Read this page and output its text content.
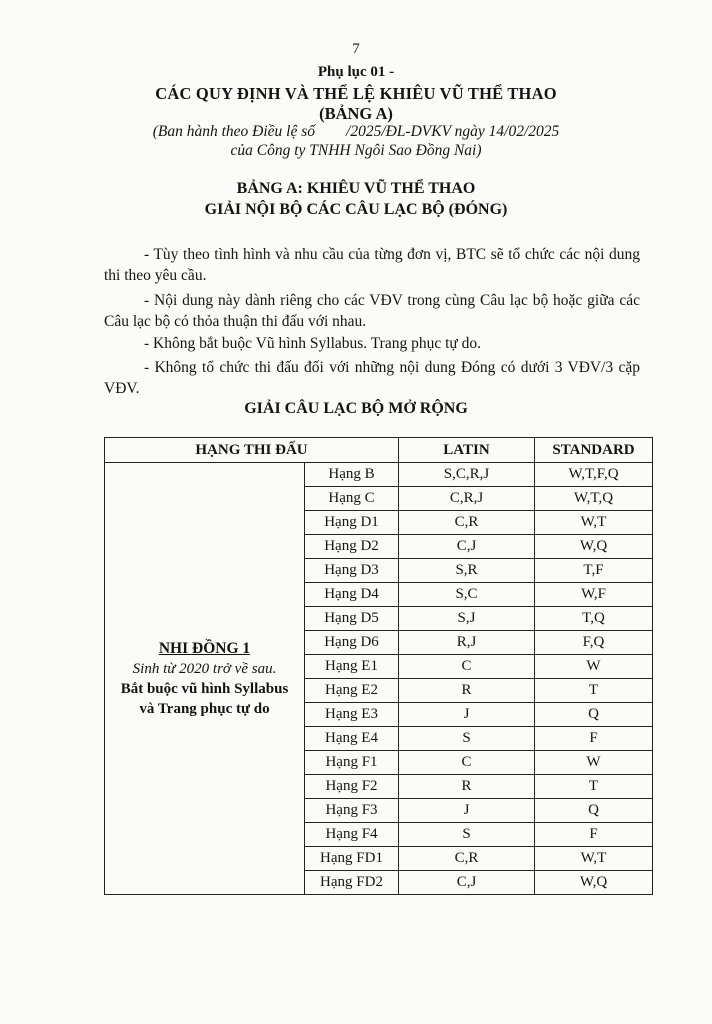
7
Phụ lục 01 -
CÁC QUY ĐỊNH VÀ THỂ LỆ KHIÊU VŨ THỂ THAO
(BẢNG A)
(Ban hành theo Điều lệ số        /2025/ĐL-DVKV ngày 14/02/2025
của Công ty TNHH Ngôi Sao Đồng Nai)
BẢNG A: KHIÊU VŨ THỂ THAO
GIẢI NỘI BỘ CÁC CÂU LẠC BỘ (ĐÓNG)

- Tùy theo tình hình và nhu cầu của từng đơn vị, BTC sẽ tổ chức các nội dung thi theo yêu cầu.

- Nội dung này dành riêng cho các VĐV trong cùng Câu lạc bộ hoặc giữa các Câu lạc bộ có thỏa thuận thi đấu với nhau.

- Không bắt buộc Vũ hình Syllabus. Trang phục tự do.

- Không tổ chức thi đấu đối với những nội dung Đóng có dưới 3 VĐV/3 cặp VĐV.

GIẢI CÂU LẠC BỘ MỞ RỘNG
HẠNG THI ĐẤU		LATIN	STANDARD

NHI ĐỒNG 1
Sinh từ 2020 trở về sau.
Bắt buộc vũ hình Syllabus
và Trang phục tự do	Hạng B	S,C,R,J	W,T,F,Q
	Hạng C	C,R,J	W,T,Q
	Hạng D1	C,R	W,T
	Hạng D2	C,J	W,Q
	Hạng D3	S,R	T,F
	Hạng D4	S,C	W,F
	Hạng D5	S,J	T,Q
	Hạng D6	R,J	F,Q
	Hạng E1	C	W
	Hạng E2	R	T
	Hạng E3	J	Q
	Hạng E4	S	F
	Hạng F1	C	W
	Hạng F2	R	T
	Hạng F3	J	Q
	Hạng F4	S	F
	Hạng FD1	C,R	W,T
	Hạng FD2	C,J	W,Q
